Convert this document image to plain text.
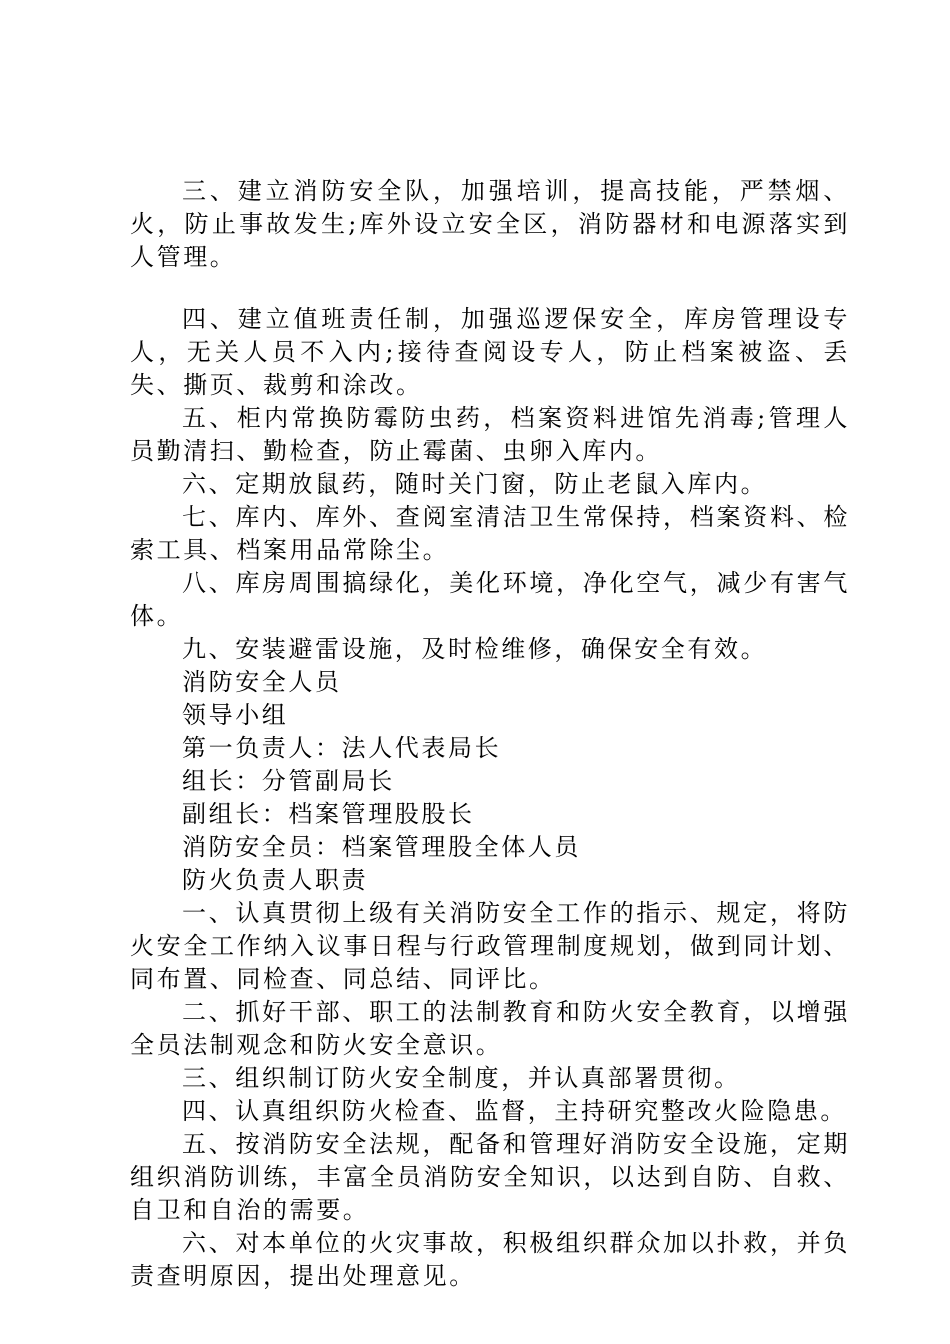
三、建立消防安全队，加强培训，提高技能，严禁烟、火，防止事故发生;库外设立安全区，消防器材和电源落实到人管理。

四、建立值班责任制，加强巡逻保安全，库房管理设专人，无关人员不入内;接待查阅设专人，防止档案被盗、丢失、撕页、裁剪和涂改。

五、柜内常换防霉防虫药，档案资料进馆先消毒;管理人员勤清扫、勤检查，防止霉菌、虫卵入库内。

六、定期放鼠药，随时关门窗，防止老鼠入库内。

七、库内、库外、查阅室清洁卫生常保持，档案资料、检索工具、档案用品常除尘。

八、库房周围搞绿化，美化环境，净化空气，减少有害气体。

九、安装避雷设施，及时检维修，确保安全有效。

消防安全人员

领导小组

第一负责人：法人代表局长

组长：分管副局长

副组长：档案管理股股长

消防安全员：档案管理股全体人员

防火负责人职责

一、认真贯彻上级有关消防安全工作的指示、规定，将防火安全工作纳入议事日程与行政管理制度规划，做到同计划、同布置、同检查、同总结、同评比。

二、抓好干部、职工的法制教育和防火安全教育，以增强全员法制观念和防火安全意识。

三、组织制订防火安全制度，并认真部署贯彻。

四、认真组织防火检查、监督，主持研究整改火险隐患。

五、按消防安全法规，配备和管理好消防安全设施，定期组织消防训练，丰富全员消防安全知识，以达到自防、自救、自卫和自治的需要。

六、对本单位的火灾事故，积极组织群众加以扑救，并负责查明原因，提出处理意见。
